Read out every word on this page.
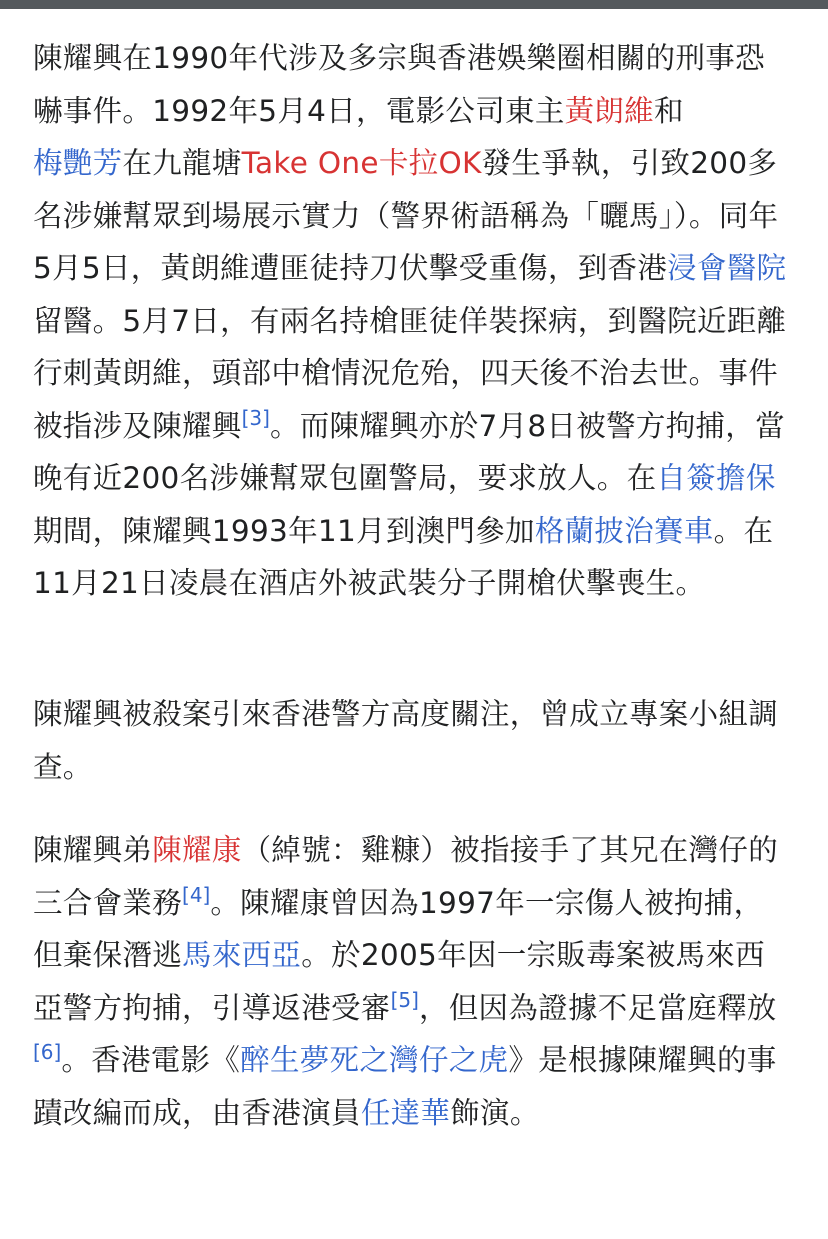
陳耀興在1990年代涉及多宗與香港娛樂圈相關的刑事恐嚇事件。1992年5月4日，電影公司東主黃朗維和
梅艷芳在九龍塘Take One卡拉OK發生爭執，引致200多名涉嫌幫眾到場展示實力（警界術語稱為「曬馬」）。同年5月5日，黃朗維遭匪徒持刀伏擊受重傷，到香港浸會醫院留醫。5月7日，有兩名持槍匪徒佯裝探病，到醫院近距離行刺黃朗維，頭部中槍情況危殆，四天後不治去世。事件被指涉及陳耀興[3]。而陳耀興亦於7月8日被警方拘捕，當晚有近200名涉嫌幫眾包圍警局，要求放人。在自簽擔保期間，陳耀興1993年11月到澳門參加格蘭披治賽車。在11月21日凌晨在酒店外被武裝分子開槍伏擊喪生。

陳耀興被殺案引來香港警方高度關注，曾成立專案小組調查。

陳耀興弟陳耀康（綽號：雞糠）被指接手了其兄在灣仔的三合會業務[4]。陳耀康曾因為1997年一宗傷人被拘捕，但棄保潛逃馬來西亞。於2005年因一宗販毒案被馬來西亞警方拘捕，引導返港受審[5]，但因為證據不足當庭釋放[6]。香港電影《醉生夢死之灣仔之虎》是根據陳耀興的事蹟改編而成，由香港演員任達華飾演。
